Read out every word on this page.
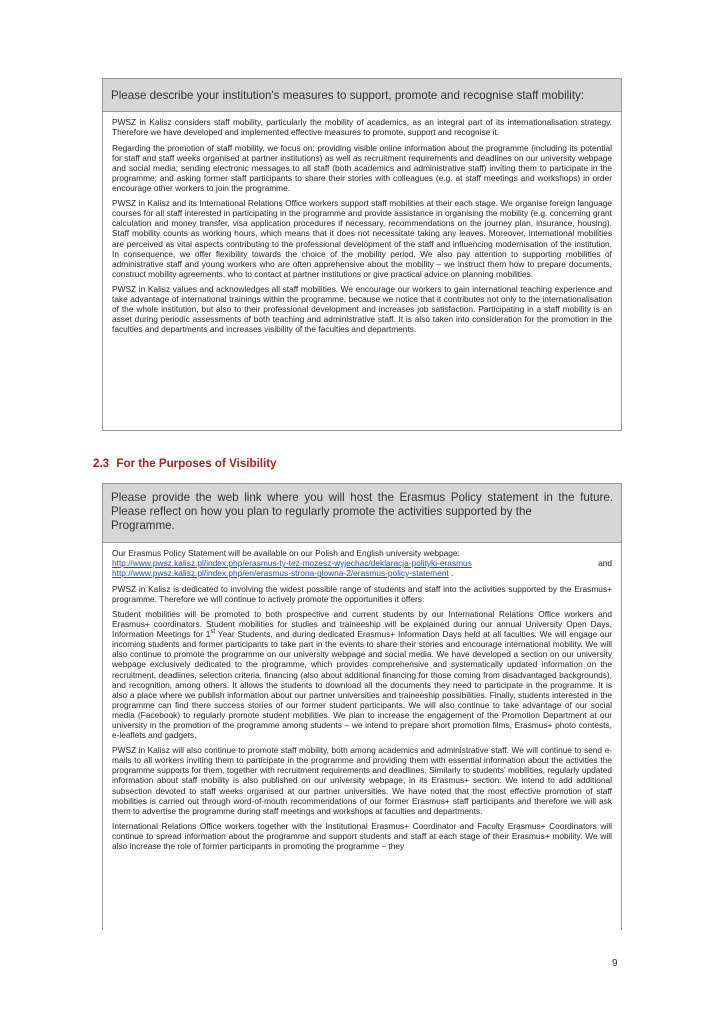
Please describe your institution's measures to support, promote and recognise staff mobility:

PWSZ in Kalisz considers staff mobility, particularly the mobility of academics, as an integral part of its internationalisation strategy. Therefore we have developed and implemented effective measures to promote, support and recognise it.

Regarding the promotion of staff mobility, we focus on: providing visible online information about the programme (including its potential for staff and staff weeks organised at partner institutions) as well as recruitment requirements and deadlines on our university webpage and social media; sending electronic messages to all staff (both academics and administrative staff) inviting them to participate in the programme; and asking former staff participants to share their stories with colleagues (e.g. at staff meetings and workshops) in order encourage other workers to join the programme.

PWSZ in Kalisz and its International Relations Office workers support staff mobilities at their each stage. We organise foreign language courses for all staff interested in participating in the programme and provide assistance in organising the mobility (e.g. concerning grant calculation and money transfer, visa application procedures if necessary, recommendations on the journey plan, insurance, housing). Staff mobility counts as working hours, which means that it does not necessitate taking any leaves. Moreover, international mobilities are perceived as vital aspects contributing to the professional development of the staff and influencing modernisation of the institution. In consequence, we offer flexibility towards the choice of the mobility period. We also pay attention to supporting mobilities of administrative staff and young workers who are often apprehensive about the mobility – we instruct them how to prepare documents, construct mobility agreements, who to contact at partner institutions or give practical advice on planning mobilities.

PWSZ in Kalisz values and acknowledges all staff mobilities. We encourage our workers to gain international teaching experience and take advantage of international trainings within the programme, because we notice that it contributes not only to the internationalisation of the whole institution, but also to their professional development and increases job satisfaction. Participating in a staff mobility is an asset during periodic assessments of both teaching and administrative staff. It is also taken into consideration for the promotion in the faculties and departments and increases visibility of the faculties and departments.

2.3 For the Purposes of Visibility
Please provide the web link where you will host the Erasmus Policy statement in the future. Please reflect on how you plan to regularly promote the activities supported by the
Programme.

Our Erasmus Policy Statement will be available on our Polish and English university webpage:

http://www.pwsz.kalisz.pl/index.php/erasmus-ty-tez-mozesz-wyjechac/deklaracja-polityki-erasmus	and
http://www.pwsz.kalisz.pl/index.php/en/erasmus-strona-glowna-2/erasmus-policy-statement .

PWSZ in Kalisz is dedicated to involving the widest possible range of students and staff into the activities supported by the Erasmus+ programme. Therefore we will continue to actively promote the opportunities it offers.

Student mobilities will be promoted to both prospective and current students by our International Relations Office workers and Erasmus+ coordinators. Student mobilities for studies and traineeship will be explained during our annual University Open Days, Information Meetings for 1st Year Students, and during dedicated Erasmus+ Information Days held at all faculties. We will engage our incoming students and former participants to take part in the events to share their stories and encourage international mobility. We will also continue to promote the programme on our university webpage and social media. We have developed a section on our university webpage exclusively dedicated to the programme, which provides comprehensive and systematically updated information on the recruitment, deadlines, selection criteria, financing (also about additional financing for those coming from disadvantaged backgrounds), and recognition, among others. It allows the students to download all the documents they need to participate in the programme. It is also a place where we publish information about our partner universities and traineeship possibilities. Finally, students interested in the programme can find there success stories of our former student participants. We will also continue to take advantage of our social media (Facebook) to regularly promote student mobilities. We plan to increase the engagement of the Promotion Department at our university in the promotion of the programme among students – we intend to prepare short promotion films, Erasmus+ photo contests, e-leaflets and gadgets.

PWSZ in Kalisz will also continue to promote staff mobility, both among academics and administrative staff. We will continue to send e-mails to all workers inviting them to participate in the programme and providing them with essential information about the activities the programme supports for them, together with recruitment requirements and deadlines. Similarly to students' mobilities, regularly updated information about staff mobility is also published on our university webpage, in its Erasmus+ section. We intend to add additional subsection devoted to staff weeks organised at our partner universities. We have noted that the most effective promotion of staff mobilities is carried out through word-of-mouth recommendations of our former Erasmus+ staff participants and therefore we will ask them to advertise the programme during staff meetings and workshops at faculties and departments.

International Relations Office workers together with the Institutional Erasmus+ Coordinator and Faculty Erasmus+ Coordinators will continue to spread information about the programme and support students and staff at each stage of their Erasmus+ mobility. We will also increase the role of former participants in promoting the programme – they

9
